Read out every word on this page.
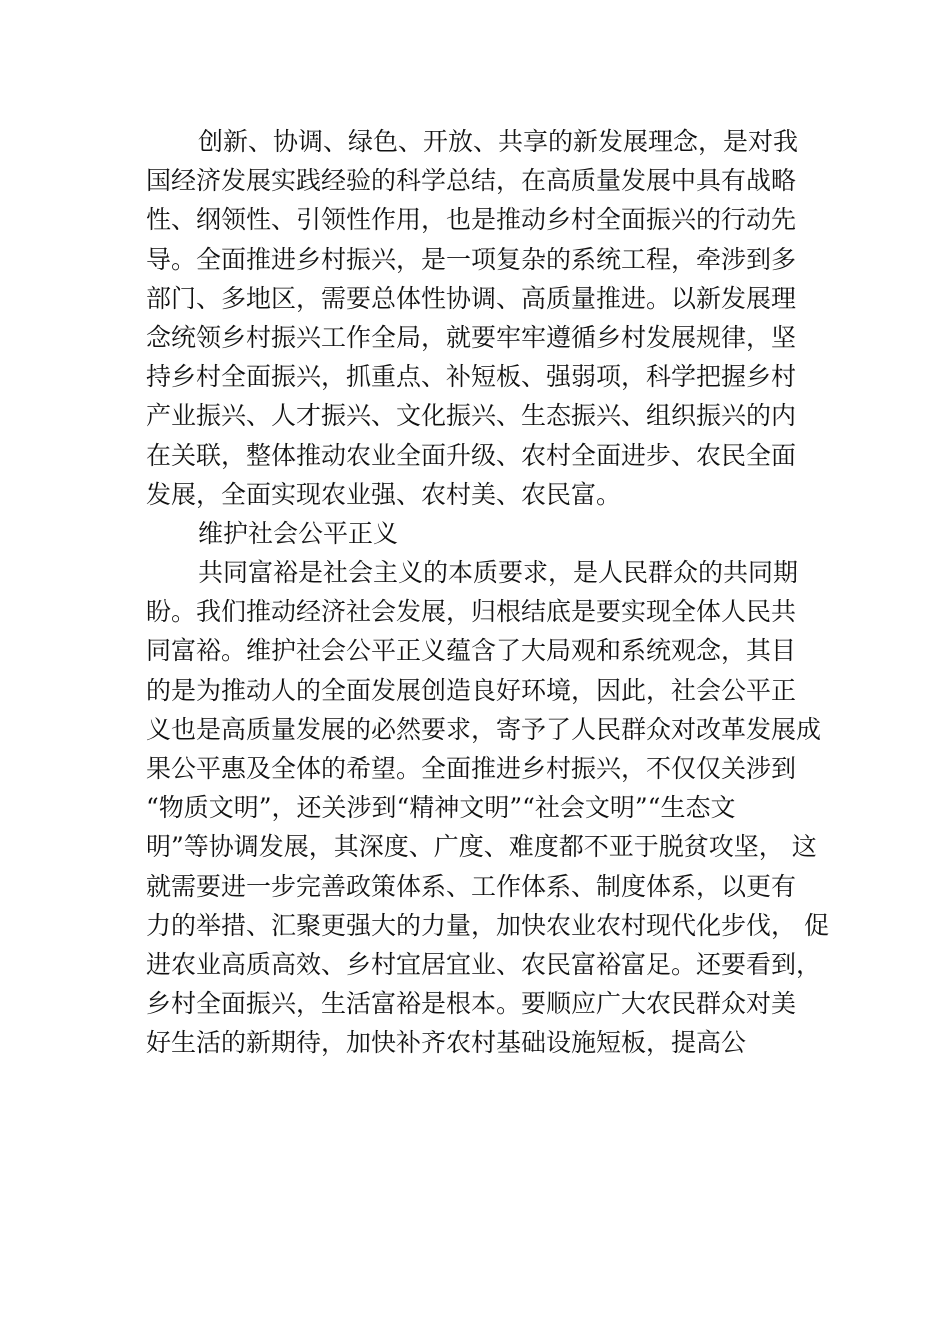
创新、协调、绿色、开放、共享的新发展理念，是对我
国经济发展实践经验的科学总结，在高质量发展中具有战略
性、纲领性、引领性作用，也是推动乡村全面振兴的行动先
导。全面推进乡村振兴，是一项复杂的系统工程，牵涉到多
部门、多地区，需要总体性协调、高质量推进。以新发展理
念统领乡村振兴工作全局，就要牢牢遵循乡村发展规律，坚
持乡村全面振兴，抓重点、补短板、强弱项，科学把握乡村
产业振兴、人才振兴、文化振兴、生态振兴、组织振兴的内
在关联，整体推动农业全面升级、农村全面进步、农民全面
发展，全面实现农业强、农村美、农民富。
维护社会公平正义
共同富裕是社会主义的本质要求，是人民群众的共同期
盼。我们推动经济社会发展，归根结底是要实现全体人民共
同富裕。维护社会公平正义蕴含了大局观和系统观念，其目
的是为推动人的全面发展创造良好环境，因此，社会公平正
义也是高质量发展的必然要求，寄予了人民群众对改革发展成
果公平惠及全体的希望。全面推进乡村振兴，不仅仅关涉到
“物质文明”，还关涉到“精神文明”“社会文明”“生态文
明”等协调发展，其深度、广度、难度都不亚于脱贫攻坚， 这
就需要进一步完善政策体系、工作体系、制度体系，以更有
力的举措、汇聚更强大的力量，加快农业农村现代化步伐， 促
进农业高质高效、乡村宜居宜业、农民富裕富足。还要看到，
乡村全面振兴，生活富裕是根本。要顺应广大农民群众对美
好生活的新期待，加快补齐农村基础设施短板，提高公
